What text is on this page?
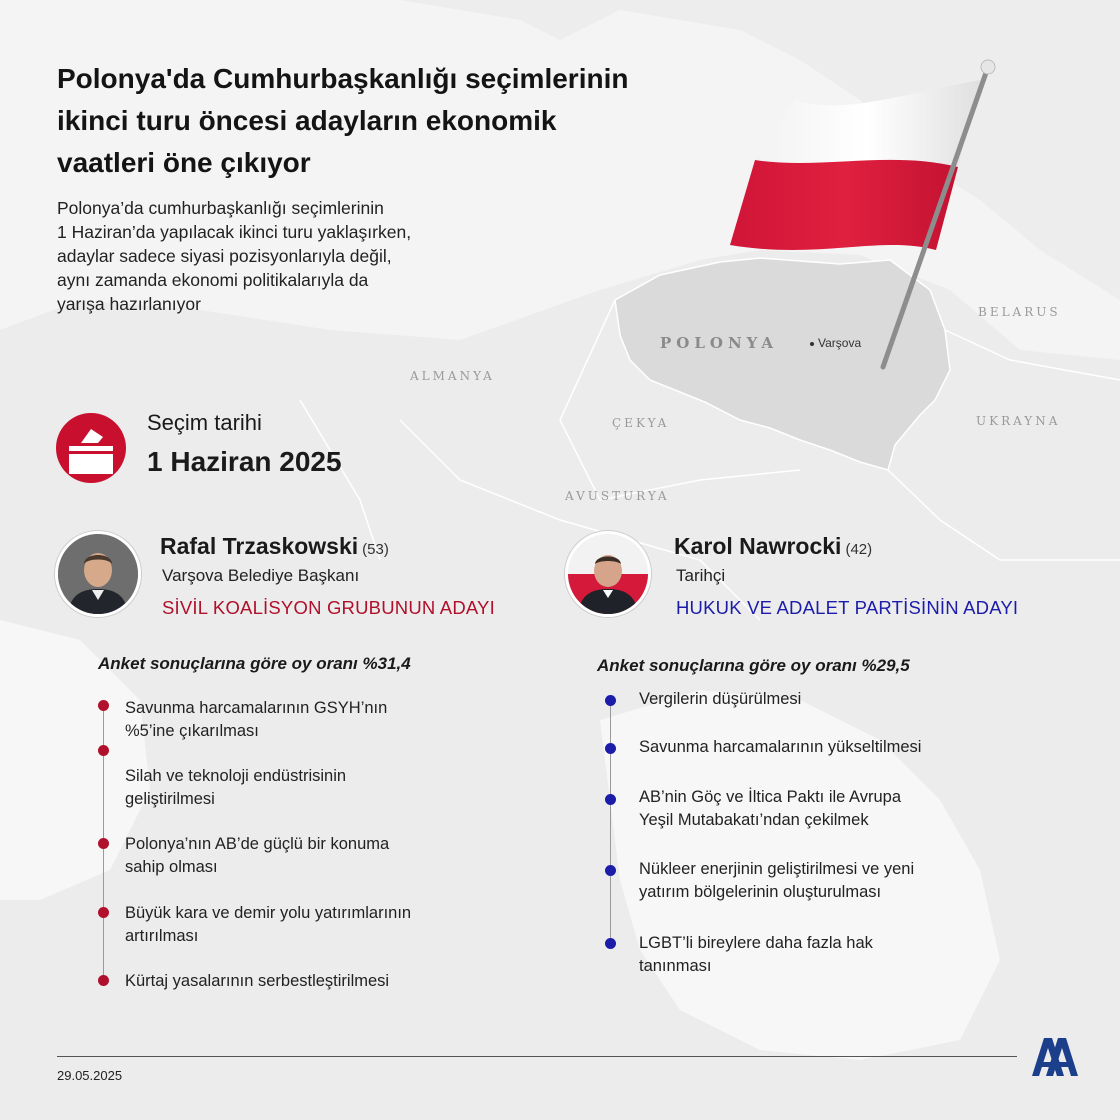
POLONYA	Varşova
ALMANYA
ÇEKYA
AVUSTURYA
BELARUS
UKRAYNA
Polonya'da Cumhurbaşkanlığı seçimlerinin
ikinci turu öncesi adayların ekonomik
vaatleri öne çıkıyor
Polonya’da cumhurbaşkanlığı seçimlerinin
1 Haziran’da yapılacak ikinci turu yaklaşırken,
adaylar sadece siyasi pozisyonlarıyla değil,
aynı zamanda ekonomi politikalarıyla da
yarışa hazırlanıyor
Seçim tarihi
1 Haziran 2025
Rafal Trzaskowski (53)
Varşova Belediye Başkanı
SİVİL KOALİSYON GRUBUNUN ADAYI
Anket sonuçlarına göre oy oranı %31,4
Karol Nawrocki (42)
Tarihçi
HUKUK VE ADALET PARTİSİNİN ADAYI
Anket sonuçlarına göre oy oranı %29,5
Savunma harcamalarının GSYH’nın
%5’ine çıkarılması
Silah ve teknoloji endüstrisinin
geliştirilmesi
Polonya’nın AB’de güçlü bir konuma
sahip olması
Büyük kara ve demir yolu yatırımlarının
artırılması
Kürtaj yasalarının serbestleştirilmesi
Vergilerin düşürülmesi
Savunma harcamalarının yükseltilmesi
AB’nin Göç ve İltica Paktı ile Avrupa
Yeşil Mutabakatı’ndan çekilmek
Nükleer enerjinin geliştirilmesi ve yeni
yatırım bölgelerinin oluşturulması
LGBT’li bireylere daha fazla hak
tanınması
29.05.2025
